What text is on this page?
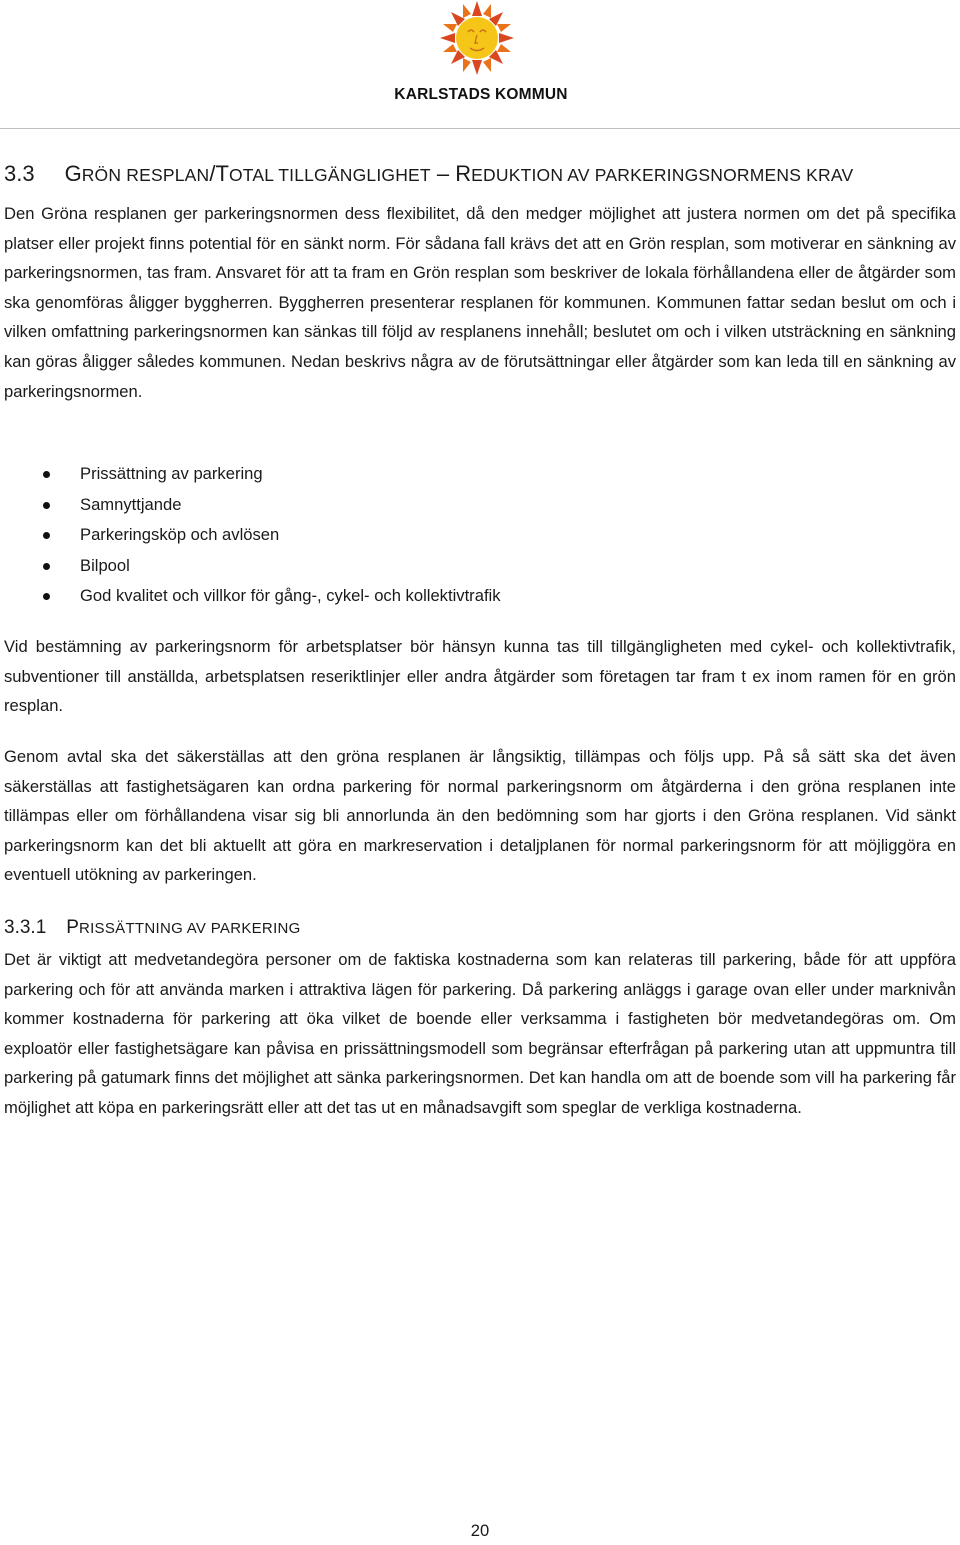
KARLSTADS KOMMUN
3.3 GRÖN RESPLAN/TOTAL TILLGÄNGLIGHET – REDUKTION AV PARKERINGSNORMENS KRAV

Den Gröna resplanen ger parkeringsnormen dess flexibilitet, då den medger möjlighet att justera normen om det på specifika platser eller projekt finns potential för en sänkt norm. För sådana fall krävs det att en Grön resplan, som motiverar en sänkning av parkeringsnormen, tas fram. Ansvaret för att ta fram en Grön resplan som beskriver de lokala förhållandena eller de åtgärder som ska genomföras åligger byggherren. Byggherren presenterar resplanen för kommunen. Kommunen fattar sedan beslut om och i vilken omfattning parkeringsnormen kan sänkas till följd av resplanens innehåll; beslutet om och i vilken utsträckning en sänkning kan göras åligger således kommunen. Nedan beskrivs några av de förutsättningar eller åtgärder som kan leda till en sänkning av parkeringsnormen.

Prissättning av parkering
Samnyttjande
Parkeringsköp och avlösen
Bilpool
God kvalitet och villkor för gång-, cykel- och kollektivtrafik

Vid bestämning av parkeringsnorm för arbetsplatser bör hänsyn kunna tas till tillgängligheten med cykel- och kollektivtrafik, subventioner till anställda, arbetsplatsen reseriktlinjer eller andra åtgärder som företagen tar fram t ex inom ramen för en grön resplan.

Genom avtal ska det säkerställas att den gröna resplanen är långsiktig, tillämpas och följs upp. På så sätt ska det även säkerställas att fastighetsägaren kan ordna parkering för normal parkeringsnorm om åtgärderna i den gröna resplanen inte tillämpas eller om förhållandena visar sig bli annorlunda än den bedömning som har gjorts i den Gröna resplanen. Vid sänkt parkeringsnorm kan det bli aktuellt att göra en markreservation i detaljplanen för normal parkeringsnorm för att möjliggöra en eventuell utökning av parkeringen.

3.3.1 PRISSÄTTNING AV PARKERING

Det är viktigt att medvetandegöra personer om de faktiska kostnaderna som kan relateras till parkering, både för att uppföra parkering och för att använda marken i attraktiva lägen för parkering. Då parkering anläggs i garage ovan eller under marknivån kommer kostnaderna för parkering att öka vilket de boende eller verksamma i fastigheten bör medvetandegöras om. Om exploatör eller fastighetsägare kan påvisa en prissättningsmodell som begränsar efterfrågan på parkering utan att uppmuntra till parkering på gatumark finns det möjlighet att sänka parkeringsnormen. Det kan handla om att de boende som vill ha parkering får möjlighet att köpa en parkeringsrätt eller att det tas ut en månadsavgift som speglar de verkliga kostnaderna.

20
